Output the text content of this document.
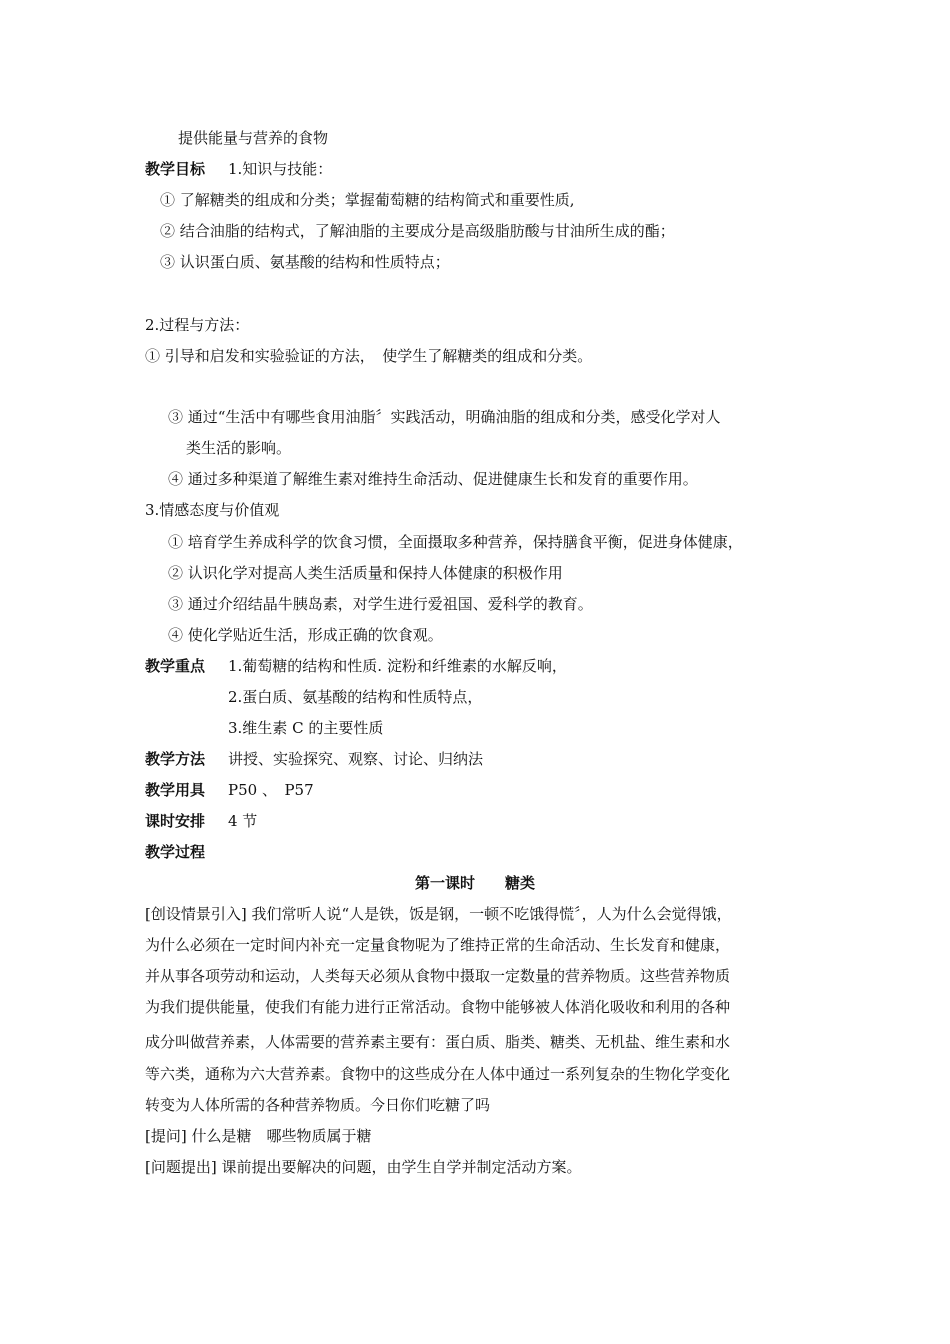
提供能量与营养的食物
教学目标 1.知识与技能：
① 了解糖类的组成和分类；掌握葡萄糖的结构简式和重要性质,
② 结合油脂的结构式，了解油脂的主要成分是高级脂肪酸与甘油所生成的酯；
③ 认识蛋白质、氨基酸的结构和性质特点；
2.过程与方法：
① 引导和启发和实验验证的方法，　使学生了解糖类的组成和分类。
③ 通过“生活中有哪些食用油脂〞实践活动，明确油脂的组成和分类，感受化学对人
类生活的影响。
④ 通过多种渠道了解维生素对维持生命活动、促进健康生长和发育的重要作用。
3.情感态度与价值观
① 培育学生养成科学的饮食习惯，全面摄取多种营养，保持膳食平衡，促进身体健康，
② 认识化学对提高人类生活质量和保持人体健康的积极作用
③ 通过介绍结晶牛胰岛素，对学生进行爱祖国、爱科学的教育。
④ 使化学贴近生活，形成正确的饮食观。
教学重点 1.葡萄糖的结构和性质. 淀粉和纤维素的水解反响，
2.蛋白质、氨基酸的结构和性质特点，
3.维生素 C 的主要性质
教学方法 讲授、实验探究、观察、讨论、归纳法
教学用具 P50 、　P57
课时安排 4 节
教学过程
第一课时　　糖类
[创设情景引入] 我们常听人说“人是铁，饭是钢，一顿不吃饿得慌〞，人为什么会觉得饿，
为什么必须在一定时间内补充一定量食物呢为了维持正常的生命活动、生长发育和健康，
并从事各项劳动和运动，人类每天必须从食物中摄取一定数量的营养物质。这些营养物质
为我们提供能量，使我们有能力进行正常活动。食物中能够被人体消化吸收和利用的各种
成分叫做营养素，人体需要的营养素主要有：蛋白质、脂类、糖类、无机盐、维生素和水
等六类，通称为六大营养素。食物中的这些成分在人体中通过一系列复杂的生物化学变化
转变为人体所需的各种营养物质。今日你们吃糖了吗
[提问] 什么是糖　哪些物质属于糖
[问题提出] 课前提出要解决的问题，由学生自学并制定活动方案。
